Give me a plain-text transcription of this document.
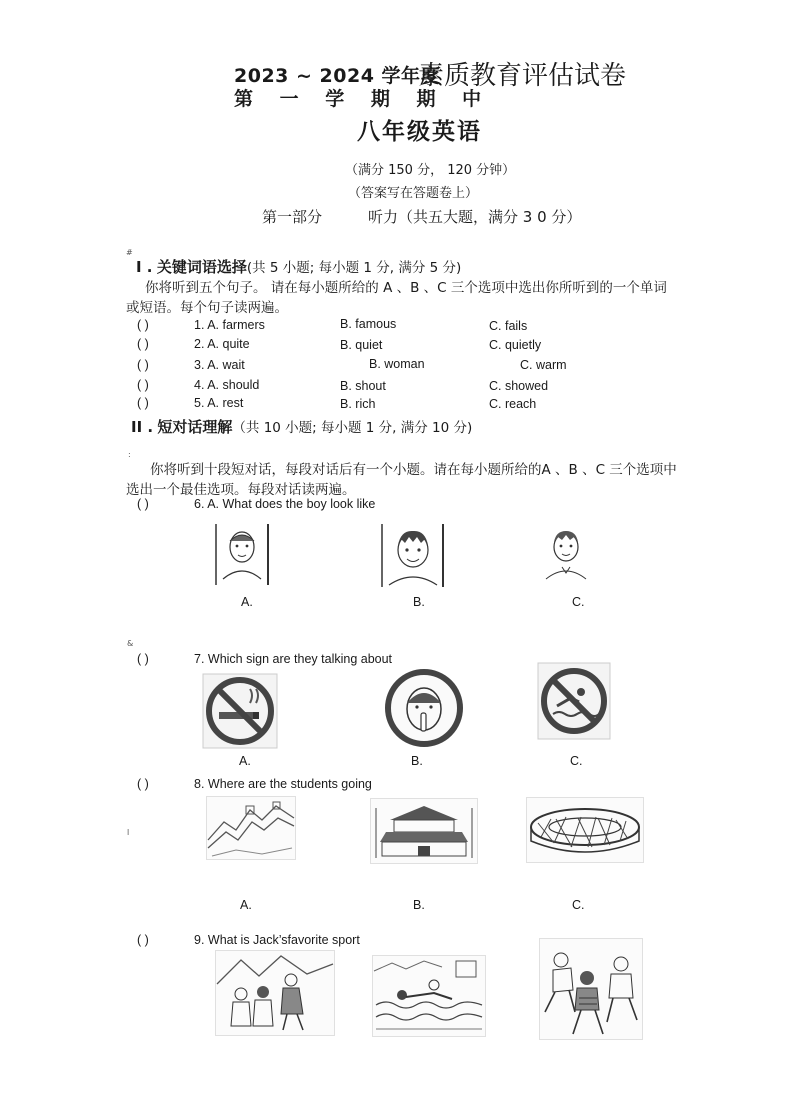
2023 ~ 2024 学年度
素质教育评估试卷
第 一 学 期 期 中
八年级英语
（满分 150 分， 120 分钟）
（答案写在答题卷上）
第一部分	听力（共五大题，满分 3 0 分）
#
:
&
l
I . 关键词语选择(共 5 小题; 每小题 1 分, 满分 5 分)
你将听到五个句子。 请在每小题所给的 A 、B 、C 三个选项中选出你所听到的一个单词
或短语。每个句子读两遍。
( )	1. A. farmers	B. famous	C. fails
( )	2. A. quite	B. quiet	C. quietly
( )	3. A. wait	B. woman	C. warm
( )	4. A. should	B. shout	C. showed
( )	5. A. rest	B. rich	C. reach
II . 短对话理解（共 10 小题; 每小题 1 分, 满分 10 分)
你将听到十段短对话，每段对话后有一个小题。请在每小题所给的A 、B 、C 三个选项中
选出一个最佳选项。每段对话读两遍。
( )	6. A. What does the boy look like
A.	B.	C.
( )	7. Which sign are they talking about
A.	B.	C.
( )	8. Where are the students going
A.	B.	C.
( )	9. What is Jack’sfavorite sport
